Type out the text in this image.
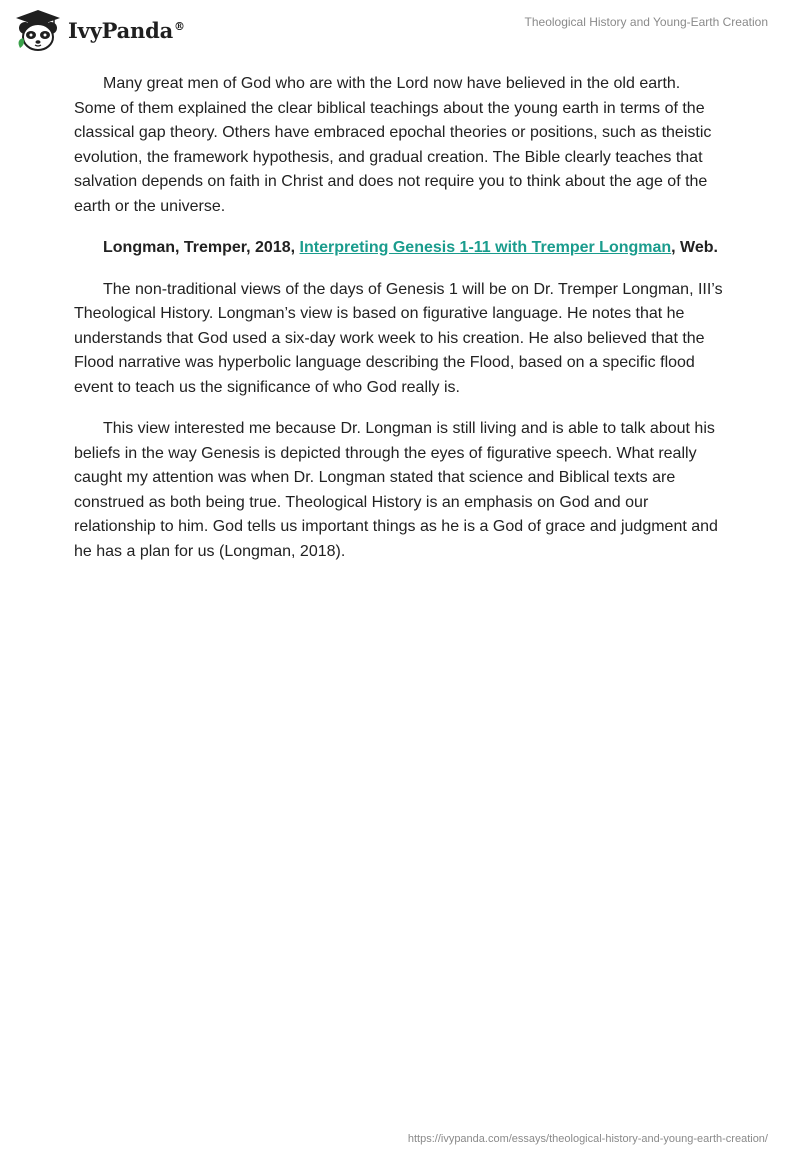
IvyPanda®	Theological History and Young-Earth Creation

Many great men of God who are with the Lord now have believed in the old earth. Some of them explained the clear biblical teachings about the young earth in terms of the classical gap theory. Others have embraced epochal theories or positions, such as theistic evolution, the framework hypothesis, and gradual creation. The Bible clearly teaches that salvation depends on faith in Christ and does not require you to think about the age of the earth or the universe.

Longman, Tremper, 2018, Interpreting Genesis 1-11 with Tremper Longman, Web.

The non-traditional views of the days of Genesis 1 will be on Dr. Tremper Longman, III’s Theological History. Longman’s view is based on figurative language. He notes that he understands that God used a six-day work week to his creation. He also believed that the Flood narrative was hyperbolic language describing the Flood, based on a specific flood event to teach us the significance of who God really is.

This view interested me because Dr. Longman is still living and is able to talk about his beliefs in the way Genesis is depicted through the eyes of figurative speech. What really caught my attention was when Dr. Longman stated that science and Biblical texts are construed as both being true. Theological History is an emphasis on God and our relationship to him. God tells us important things as he is a God of grace and judgment and he has a plan for us (Longman, 2018).

https://ivypanda.com/essays/theological-history-and-young-earth-creation/
